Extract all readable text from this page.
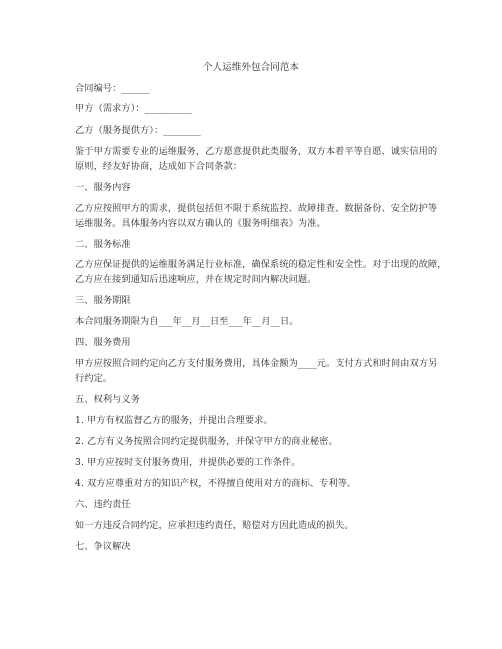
个人运维外包合同范本
合同编号：______
甲方（需求方）：__________
乙方（服务提供方）：________
鉴于甲方需要专业的运维服务，乙方愿意提供此类服务，双方本着平等自愿、诚实信用的
原则，经友好协商，达成如下合同条款：
一、服务内容
乙方应按照甲方的需求，提供包括但不限于系统监控、故障排查、数据备份、安全防护等
运维服务。具体服务内容以双方确认的《服务明细表》为准。
二、服务标准
乙方应保证提供的运维服务满足行业标准，确保系统的稳定性和安全性。对于出现的故障，
乙方应在接到通知后迅速响应，并在规定时间内解决问题。
三、服务期限
本合同服务期限为自___年__月__日至___年__月__日。
四、服务费用
甲方应按照合同约定向乙方支付服务费用，具体金额为____元。支付方式和时间由双方另
行约定。
五、权利与义务
1. 甲方有权监督乙方的服务，并提出合理要求。
2. 乙方有义务按照合同约定提供服务，并保守甲方的商业秘密。
3. 甲方应按时支付服务费用，并提供必要的工作条件。
4. 双方应尊重对方的知识产权，不得擅自使用对方的商标、专利等。
六、违约责任
如一方违反合同约定，应承担违约责任，赔偿对方因此造成的损失。
七、争议解决
